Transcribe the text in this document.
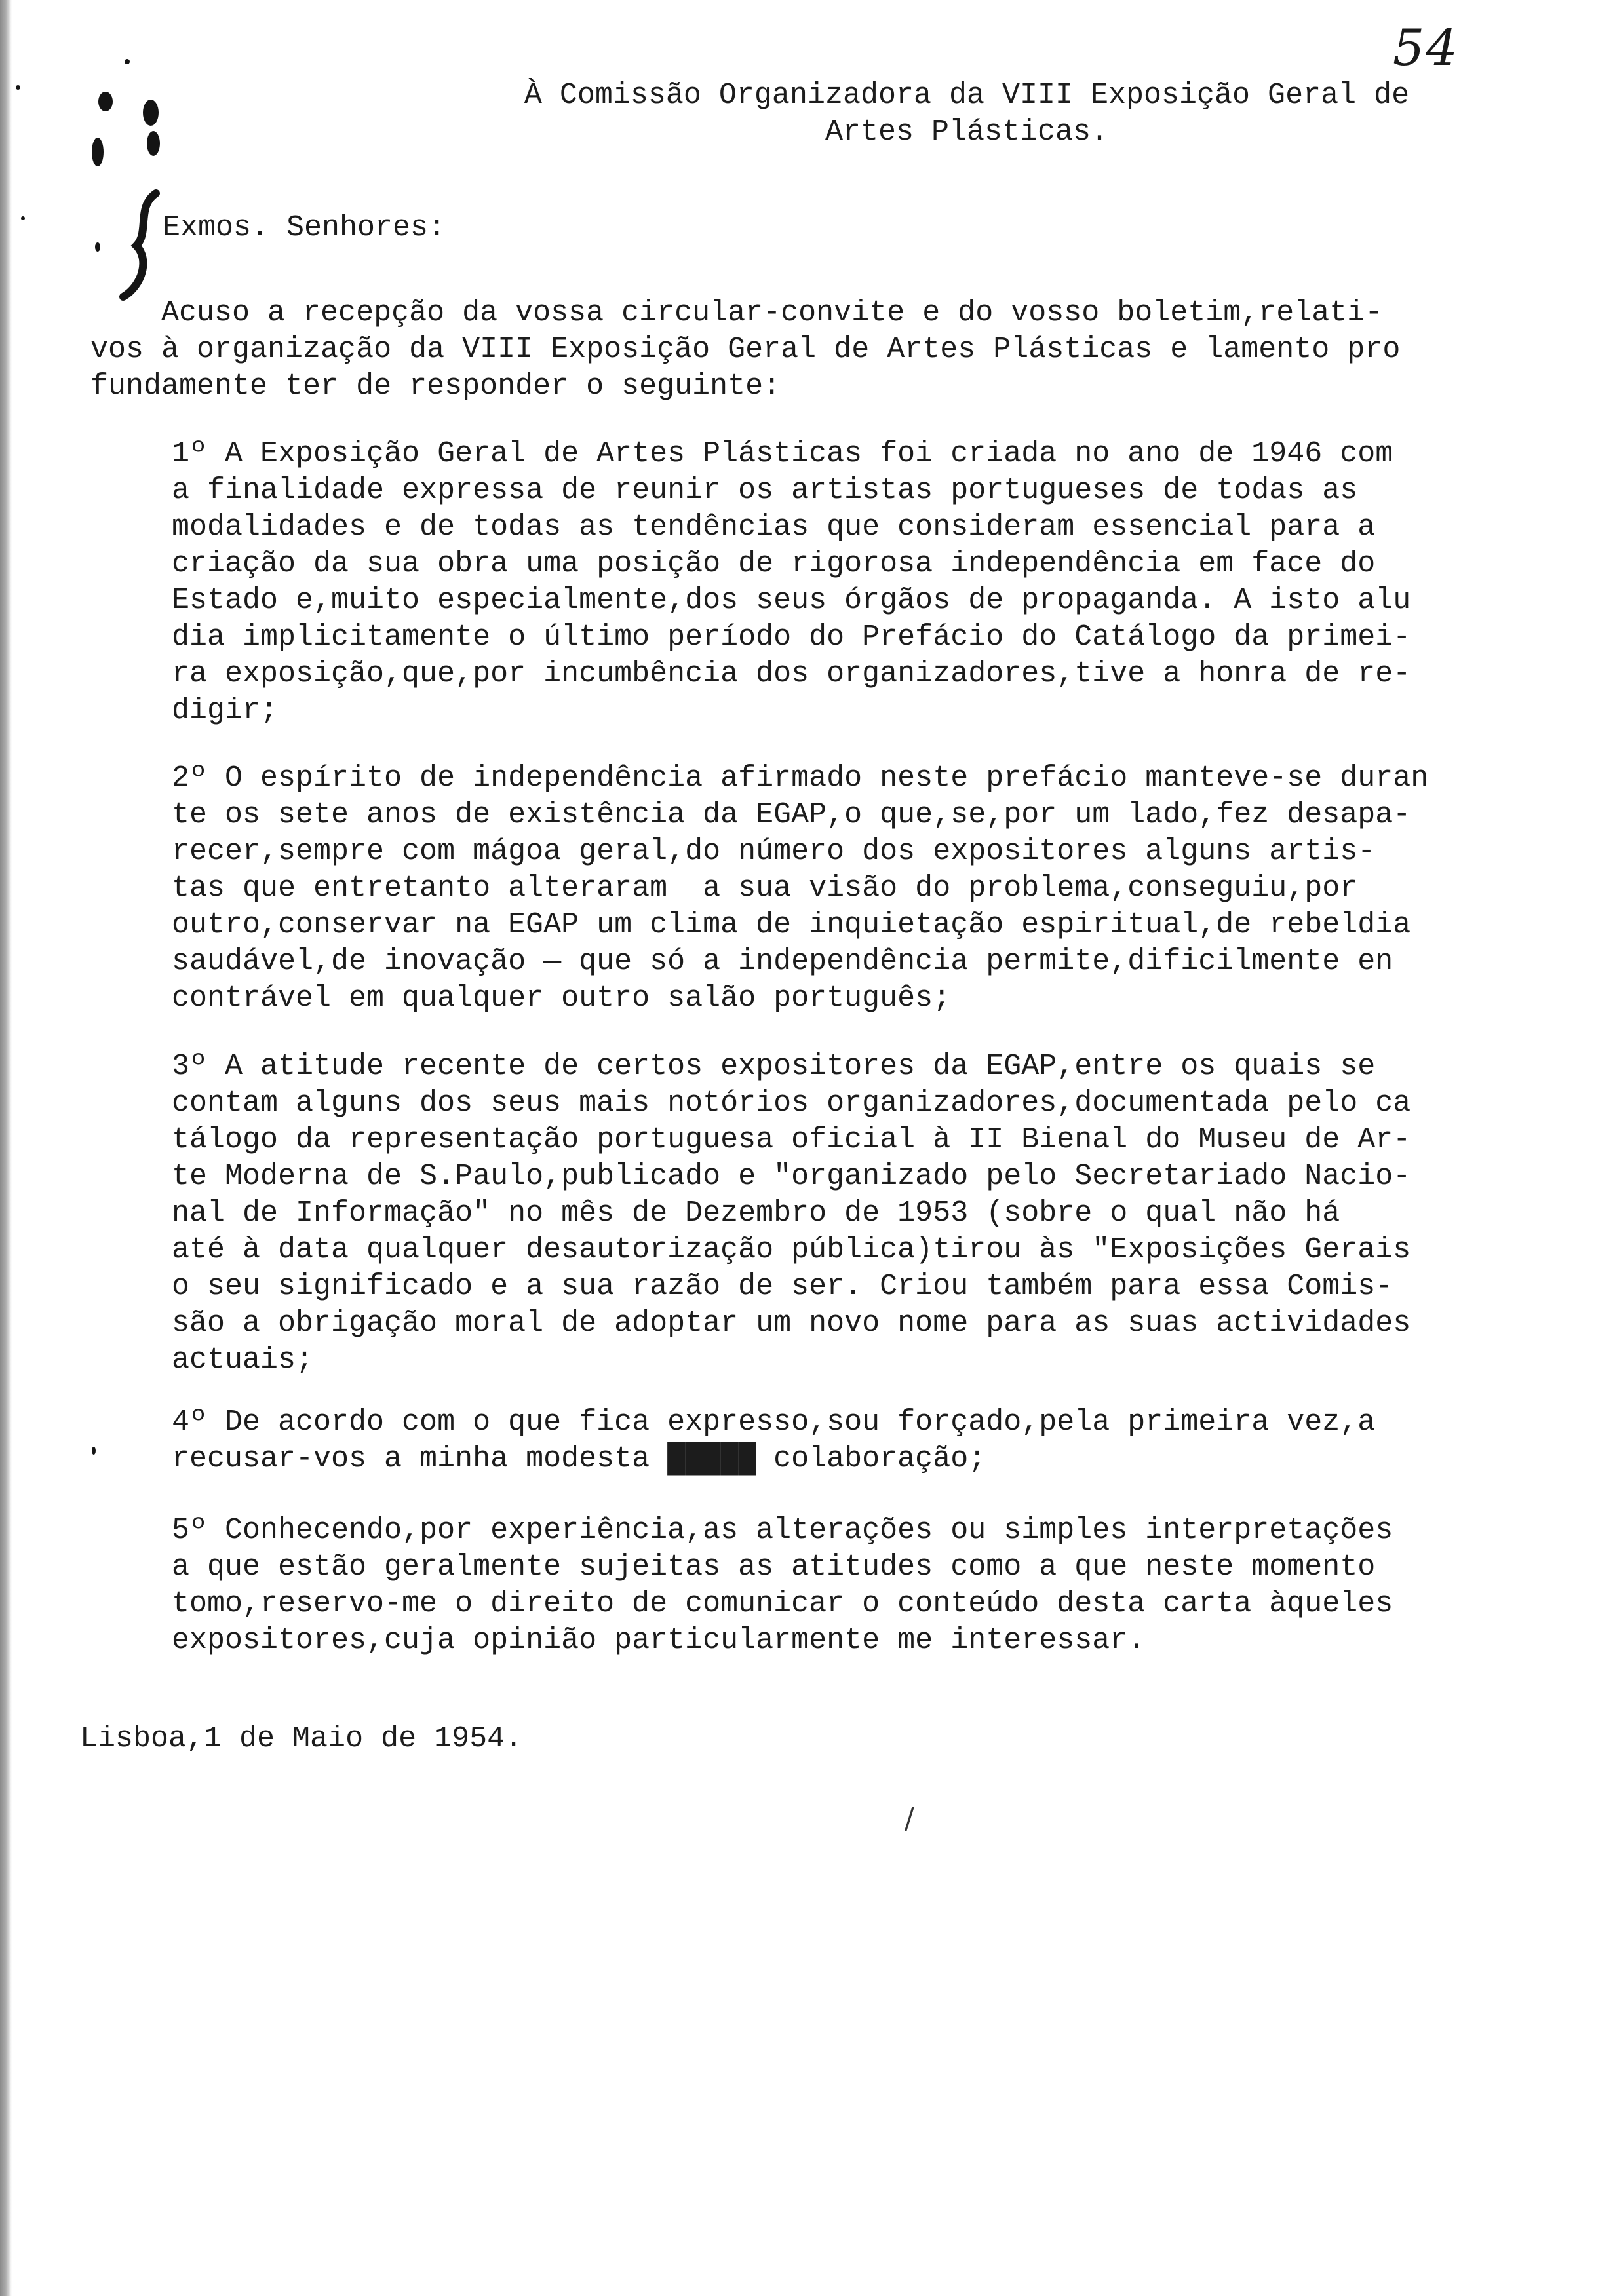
54
À Comissão Organizadora da VIII Exposição Geral de
Artes Plásticas.
Exmos. Senhores:
Acuso a recepção da vossa circular-convite e do vosso boletim,relati-
vos à organização da VIII Exposição Geral de Artes Plásticas e lamento pro
fundamente ter de responder o seguinte:
1º A Exposição Geral de Artes Plásticas foi criada no ano de 1946 com
a finalidade expressa de reunir os artistas portugueses de todas as
modalidades e de todas as tendências que consideram essencial para a
criação da sua obra uma posição de rigorosa independência em face do
Estado e,muito especialmente,dos seus órgãos de propaganda. A isto alu
dia implicitamente o último período do Prefácio do Catálogo da primei-
ra exposição,que,por incumbência dos organizadores,tive a honra de re-
digir;
2º O espírito de independência afirmado neste prefácio manteve-se duran
te os sete anos de existência da EGAP,o que,se,por um lado,fez desapa-
recer,sempre com mágoa geral,do número dos expositores alguns artis-
tas que entretanto alteraram  a sua visão do problema,conseguiu,por
outro,conservar na EGAP um clima de inquietação espiritual,de rebeldia
saudável,de inovação — que só a independência permite,dificilmente en
contrável em qualquer outro salão português;
3º A atitude recente de certos expositores da EGAP,entre os quais se
contam alguns dos seus mais notórios organizadores,documentada pelo ca
tálogo da representação portuguesa oficial à II Bienal do Museu de Ar-
te Moderna de S.Paulo,publicado e "organizado pelo Secretariado Nacio-
nal de Informação" no mês de Dezembro de 1953 (sobre o qual não há
até à data qualquer desautorização pública)tirou às "Exposições Gerais
o seu significado e a sua razão de ser. Criou também para essa Comis-
são a obrigação moral de adoptar um novo nome para as suas actividades
actuais;
4º De acordo com o que fica expresso,sou forçado,pela primeira vez,a
recusar-vos a minha modesta █████ colaboração;
5º Conhecendo,por experiência,as alterações ou simples interpretações
a que estão geralmente sujeitas as atitudes como a que neste momento
tomo,reservo-me o direito de comunicar o conteúdo desta carta àqueles
expositores,cuja opinião particularmente me interessar.
Lisboa,1 de Maio de 1954.
/
